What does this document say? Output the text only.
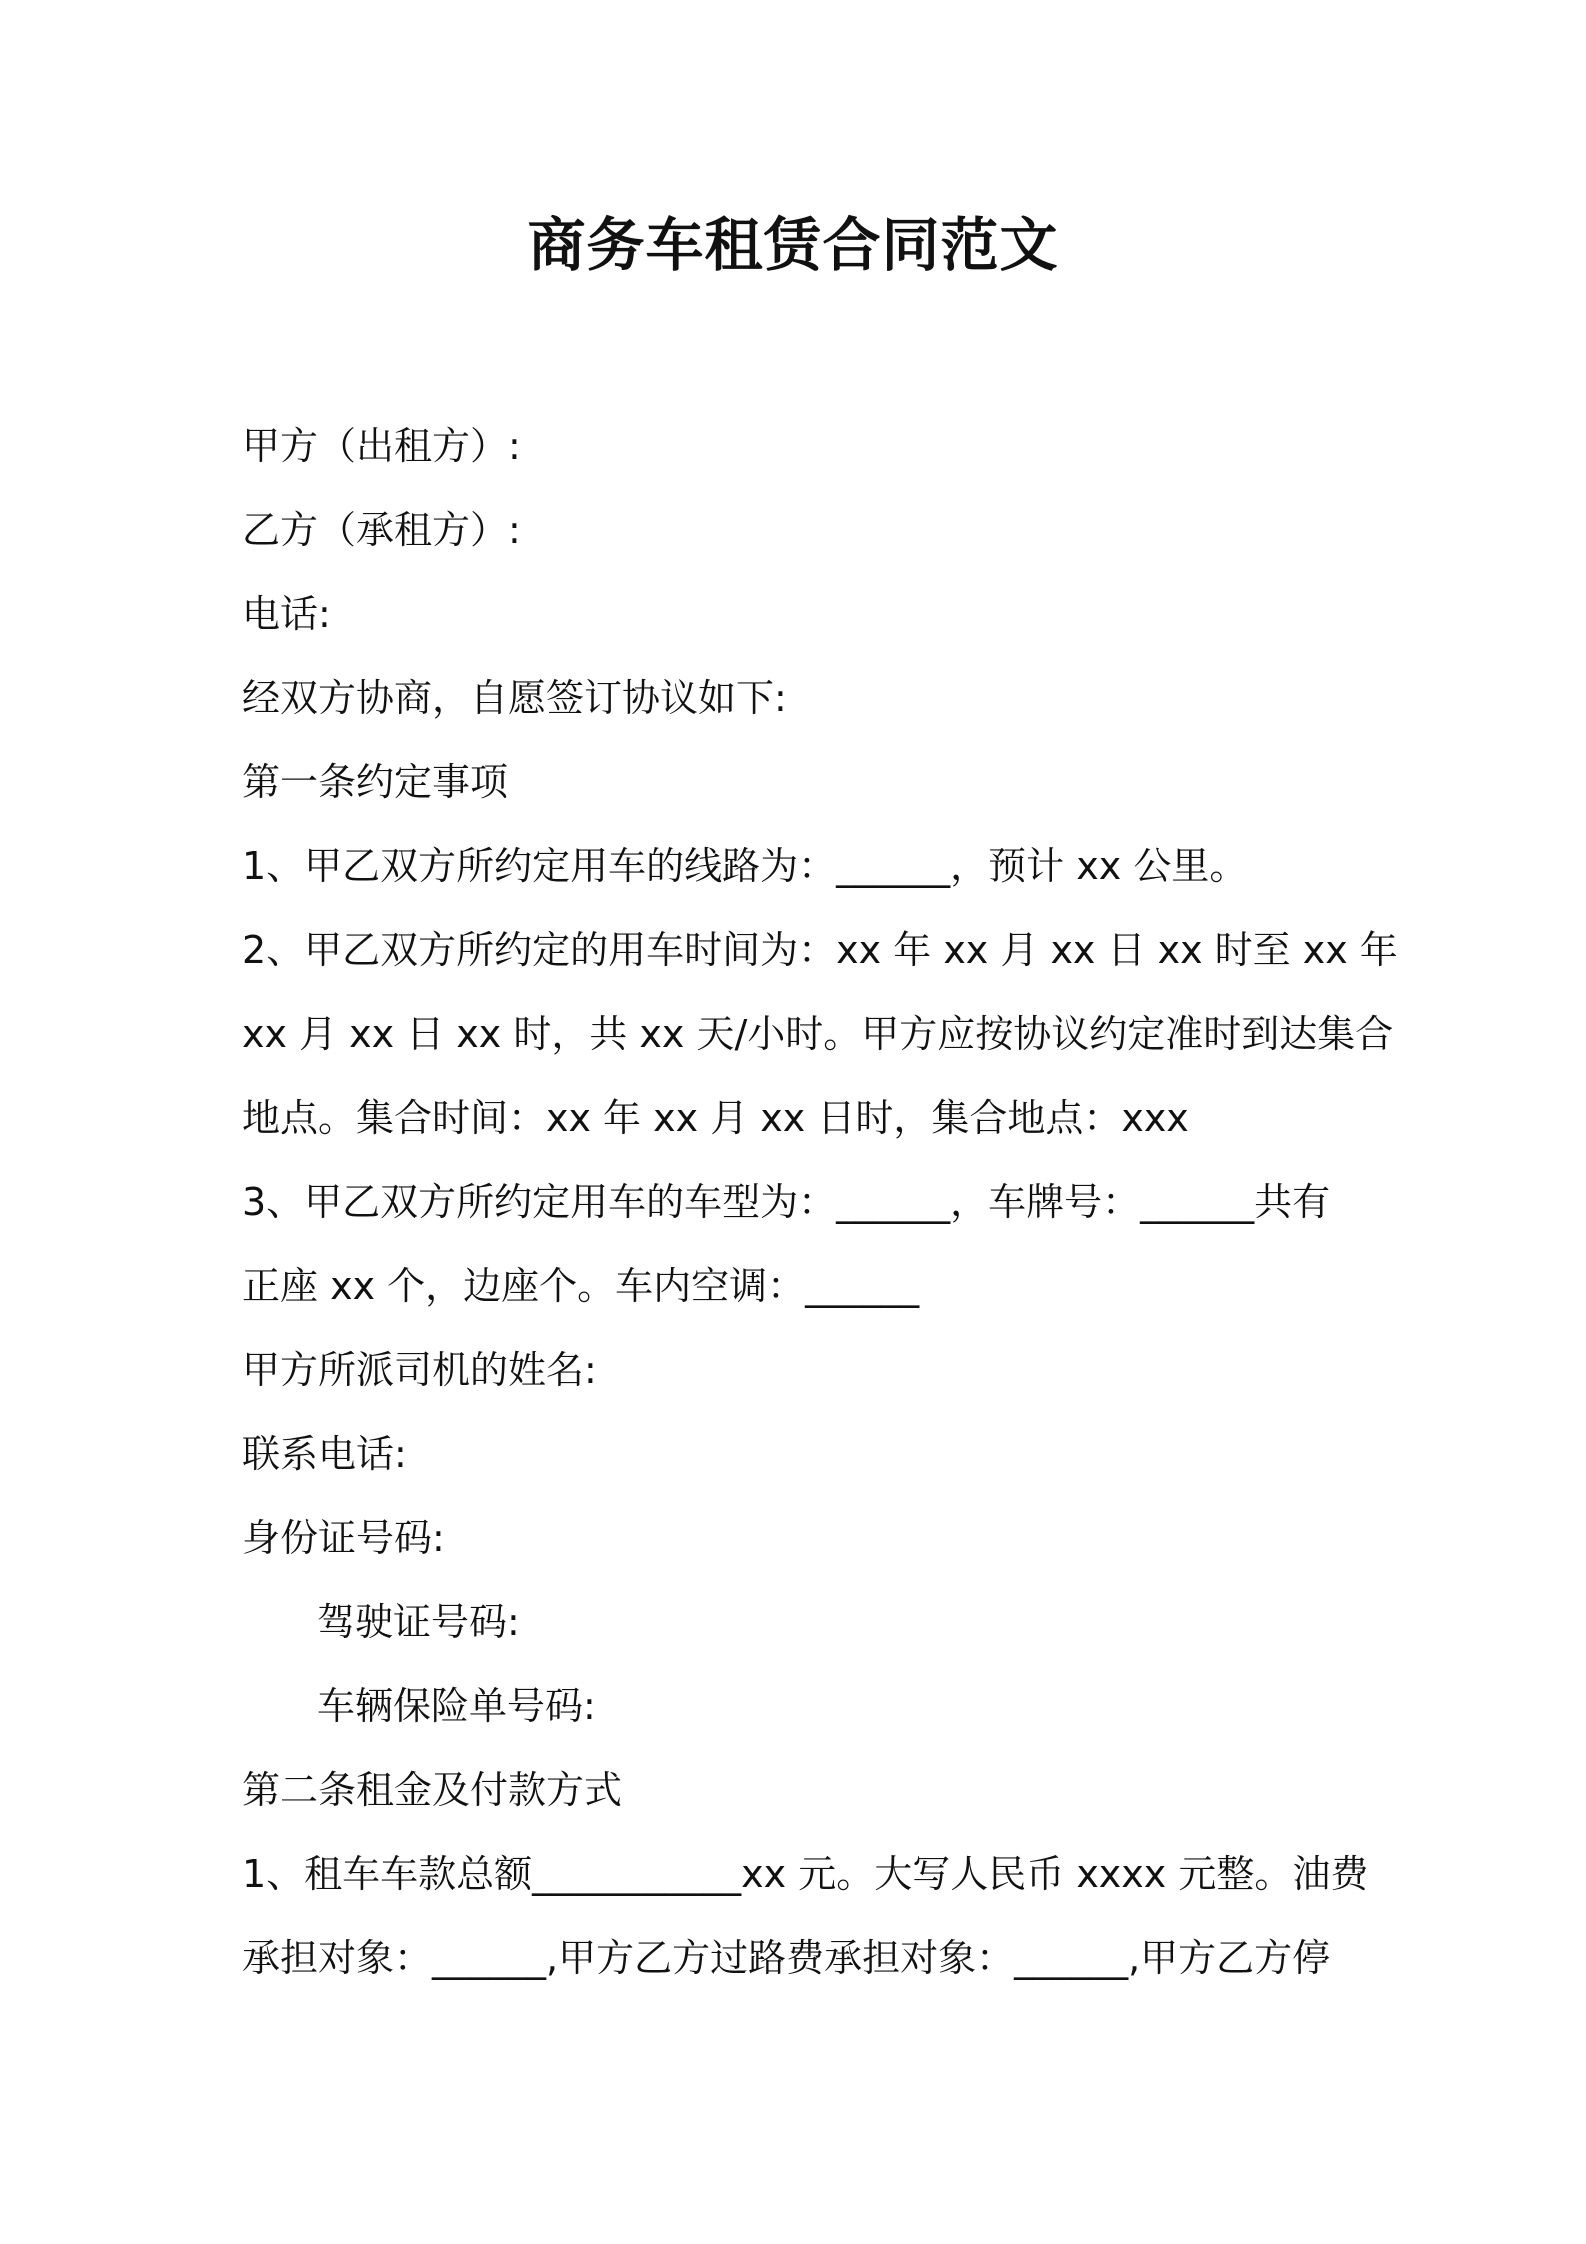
商务车租赁合同范文
甲方（出租方）:
乙方（承租方）:
电话:
经双方协商，自愿签订协议如下:
第一条约定事项
1、甲乙双方所约定用车的线路为：______，预计 xx 公里。
2、甲乙双方所约定的用车时间为：xx 年 xx 月 xx 日 xx 时至 xx 年
xx 月 xx 日 xx 时，共 xx 天/小时。甲方应按协议约定准时到达集合
地点。集合时间：xx 年 xx 月 xx 日时，集合地点：xxx
3、甲乙双方所约定用车的车型为：______，车牌号：______共有
正座 xx 个，边座个。车内空调：______
甲方所派司机的姓名:
联系电话:
身份证号码:
驾驶证号码:
车辆保险单号码:
第二条租金及付款方式
1、租车车款总额___________xx 元。大写人民币 xxxx 元整。油费
承担对象：______,甲方乙方过路费承担对象：______,甲方乙方停
